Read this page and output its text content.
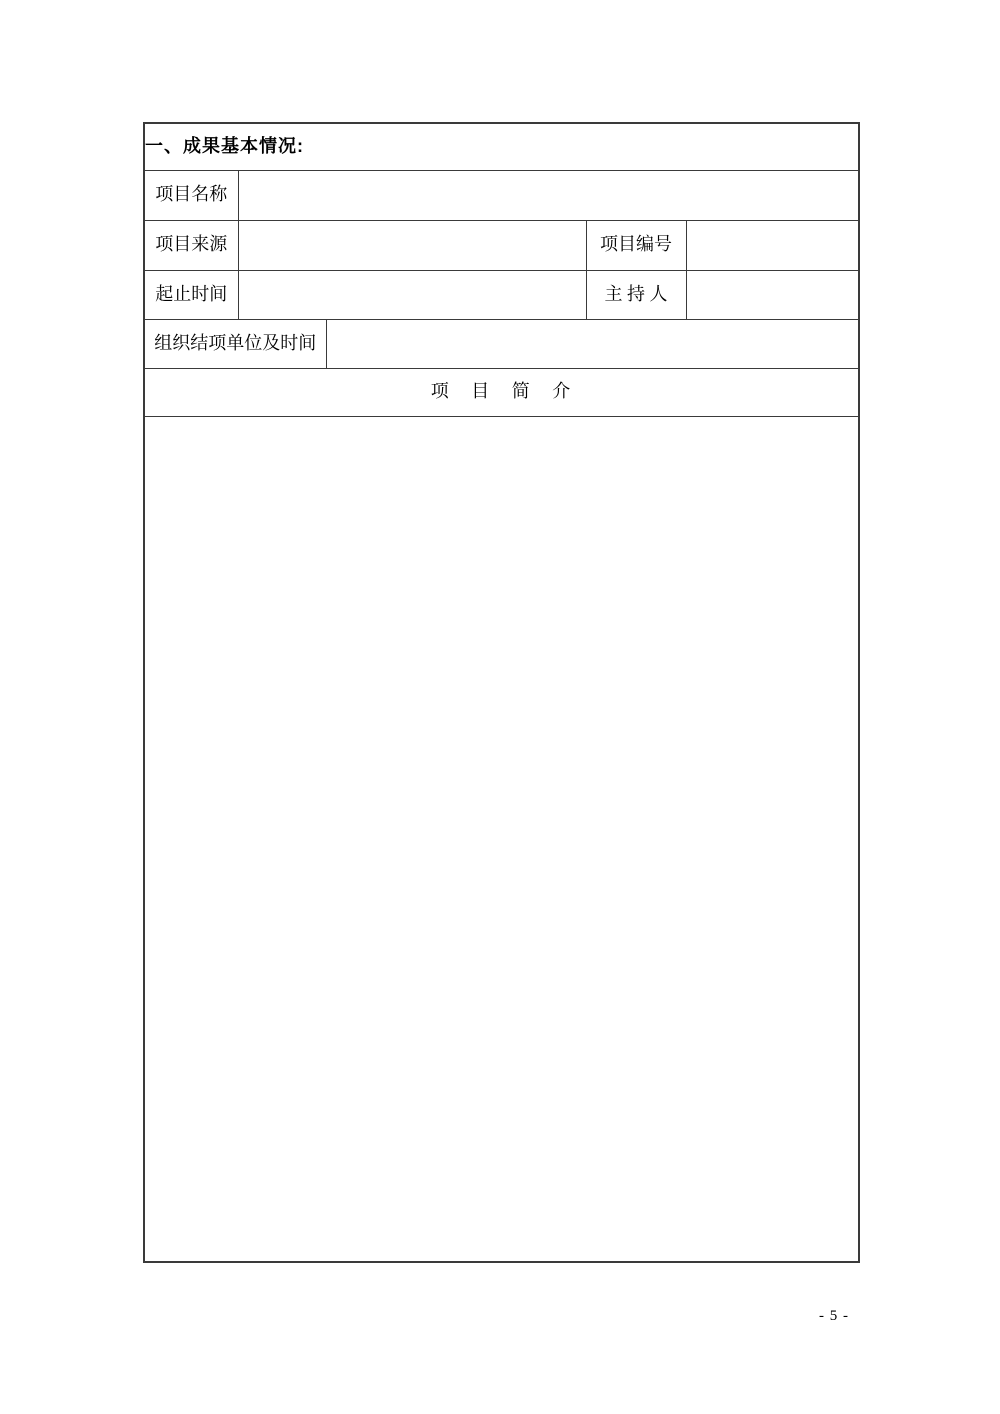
一、成果基本情况:				
项目名称				
项目来源			项目编号	
起止时间			主 持 人	
组织结项单位及时间				
项 目 简 介				

- 5 -
